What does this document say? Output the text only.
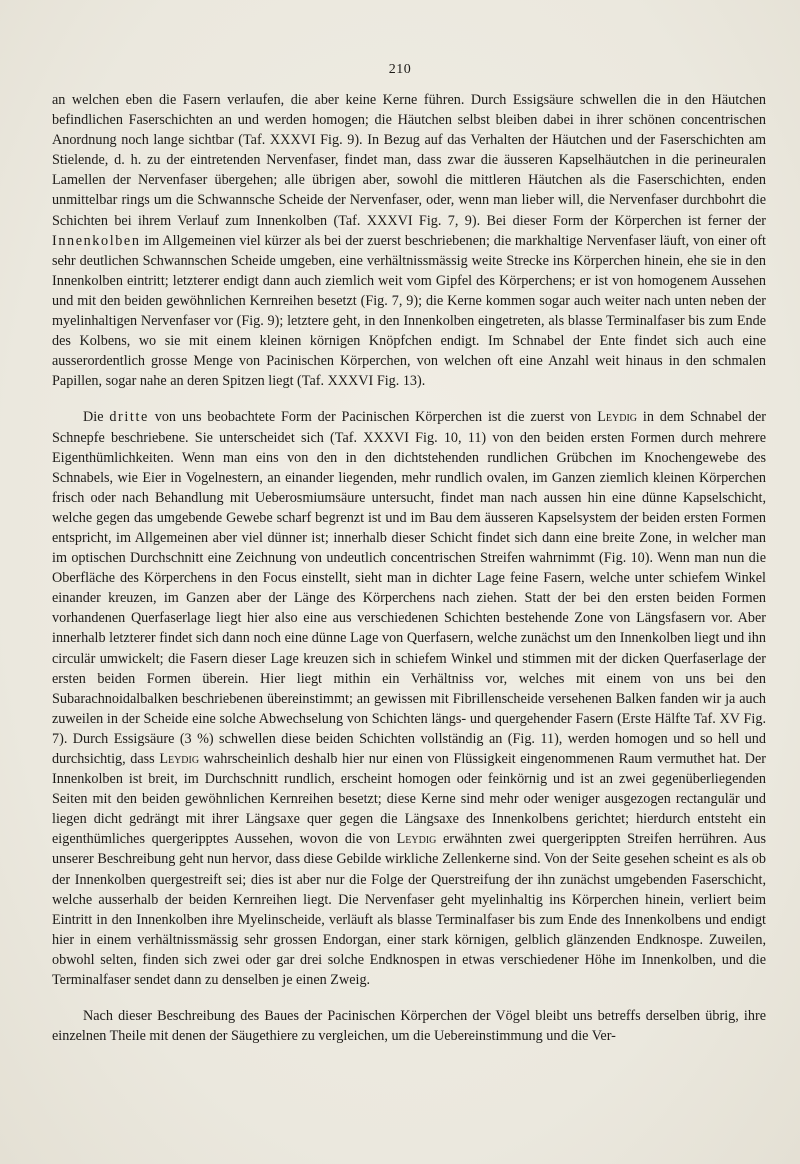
210

an welchen eben die Fasern verlaufen, die aber keine Kerne führen. Durch Essigsäure schwellen die in den Häutchen befindlichen Faserschichten an und werden homogen; die Häutchen selbst bleiben dabei in ihrer schönen concentrischen Anordnung noch lange sichtbar (Taf. XXXVI Fig. 9). In Bezug auf das Verhalten der Häutchen und der Faserschichten am Stielende, d. h. zu der eintretenden Nervenfaser, findet man, dass zwar die äusseren Kapselhäutchen in die perineuralen Lamellen der Nervenfaser übergehen; alle übrigen aber, sowohl die mittleren Häutchen als die Faserschichten, enden unmittelbar rings um die Schwannsche Scheide der Nervenfaser, oder, wenn man lieber will, die Nervenfaser durchbohrt die Schichten bei ihrem Verlauf zum Innenkolben (Taf. XXXVI Fig. 7, 9). Bei dieser Form der Körperchen ist ferner der Innenkolben im Allgemeinen viel kürzer als bei der zuerst beschriebenen; die markhaltige Nervenfaser läuft, von einer oft sehr deutlichen Schwannschen Scheide umgeben, eine verhältnissmässig weite Strecke ins Körperchen hinein, ehe sie in den Innenkolben eintritt; letzterer endigt dann auch ziemlich weit vom Gipfel des Körperchens; er ist von homogenem Aussehen und mit den beiden gewöhnlichen Kernreihen besetzt (Fig. 7, 9); die Kerne kommen sogar auch weiter nach unten neben der myelinhaltigen Nervenfaser vor (Fig. 9); letztere geht, in den Innenkolben eingetreten, als blasse Terminalfaser bis zum Ende des Kolbens, wo sie mit einem kleinen körnigen Knöpfchen endigt. Im Schnabel der Ente findet sich auch eine ausserordentlich grosse Menge von Pacinischen Körperchen, von welchen oft eine Anzahl weit hinaus in den schmalen Papillen, sogar nahe an deren Spitzen liegt (Taf. XXXVI Fig. 13).

Die dritte von uns beobachtete Form der Pacinischen Körperchen ist die zuerst von Leydig in dem Schnabel der Schnepfe beschriebene. Sie unterscheidet sich (Taf. XXXVI Fig. 10, 11) von den beiden ersten Formen durch mehrere Eigenthümlichkeiten. Wenn man eins von den in den dichtstehenden rundlichen Grübchen im Knochengewebe des Schnabels, wie Eier in Vogelnestern, an einander liegenden, mehr rundlich ovalen, im Ganzen ziemlich kleinen Körperchen frisch oder nach Behandlung mit Ueberosmiumsäure untersucht, findet man nach aussen hin eine dünne Kapselschicht, welche gegen das umgebende Gewebe scharf begrenzt ist und im Bau dem äusseren Kapselsystem der beiden ersten Formen entspricht, im Allgemeinen aber viel dünner ist; innerhalb dieser Schicht findet sich dann eine breite Zone, in welcher man im optischen Durchschnitt eine Zeichnung von undeutlich concentrischen Streifen wahrnimmt (Fig. 10). Wenn man nun die Oberfläche des Körperchens in den Focus einstellt, sieht man in dichter Lage feine Fasern, welche unter schiefem Winkel einander kreuzen, im Ganzen aber der Länge des Körperchens nach ziehen. Statt der bei den ersten beiden Formen vorhandenen Querfaserlage liegt hier also eine aus verschiedenen Schichten bestehende Zone von Längsfasern vor. Aber innerhalb letzterer findet sich dann noch eine dünne Lage von Querfasern, welche zunächst um den Innenkolben liegt und ihn circulär umwickelt; die Fasern dieser Lage kreuzen sich in schiefem Winkel und stimmen mit der dicken Querfaserlage der ersten beiden Formen überein. Hier liegt mithin ein Verhältniss vor, welches mit einem von uns bei den Subarachnoidalbalken beschriebenen übereinstimmt; an gewissen mit Fibrillenscheide versehenen Balken fanden wir ja auch zuweilen in der Scheide eine solche Abwechselung von Schichten längs- und quergehender Fasern (Erste Hälfte Taf. XV Fig. 7). Durch Essigsäure (3 %) schwellen diese beiden Schichten vollständig an (Fig. 11), werden homogen und so hell und durchsichtig, dass Leydig wahrscheinlich deshalb hier nur einen von Flüssigkeit eingenommenen Raum vermuthet hat. Der Innenkolben ist breit, im Durchschnitt rundlich, erscheint homogen oder feinkörnig und ist an zwei gegenüberliegenden Seiten mit den beiden gewöhnlichen Kernreihen besetzt; diese Kerne sind mehr oder weniger ausgezogen rectangulär und liegen dicht gedrängt mit ihrer Längsaxe quer gegen die Längsaxe des Innenkolbens gerichtet; hierdurch entsteht ein eigenthümliches quergeripptes Aussehen, wovon die von Leydig erwähnten zwei quergerippten Streifen herrühren. Aus unserer Beschreibung geht nun hervor, dass diese Gebilde wirkliche Zellenkerne sind. Von der Seite gesehen scheint es als ob der Innenkolben quergestreift sei; dies ist aber nur die Folge der Querstreifung der ihn zunächst umgebenden Faserschicht, welche ausserhalb der beiden Kernreihen liegt. Die Nervenfaser geht myelinhaltig ins Körperchen hinein, verliert beim Eintritt in den Innenkolben ihre Myelinscheide, verläuft als blasse Terminalfaser bis zum Ende des Innenkolbens und endigt hier in einem verhältnissmässig sehr grossen Endorgan, einer stark körnigen, gelblich glänzenden Endknospe. Zuweilen, obwohl selten, finden sich zwei oder gar drei solche Endknospen in etwas verschiedener Höhe im Innenkolben, und die Terminalfaser sendet dann zu denselben je einen Zweig.

Nach dieser Beschreibung des Baues der Pacinischen Körperchen der Vögel bleibt uns betreffs derselben übrig, ihre einzelnen Theile mit denen der Säugethiere zu vergleichen, um die Uebereinstimmung und die Ver-
